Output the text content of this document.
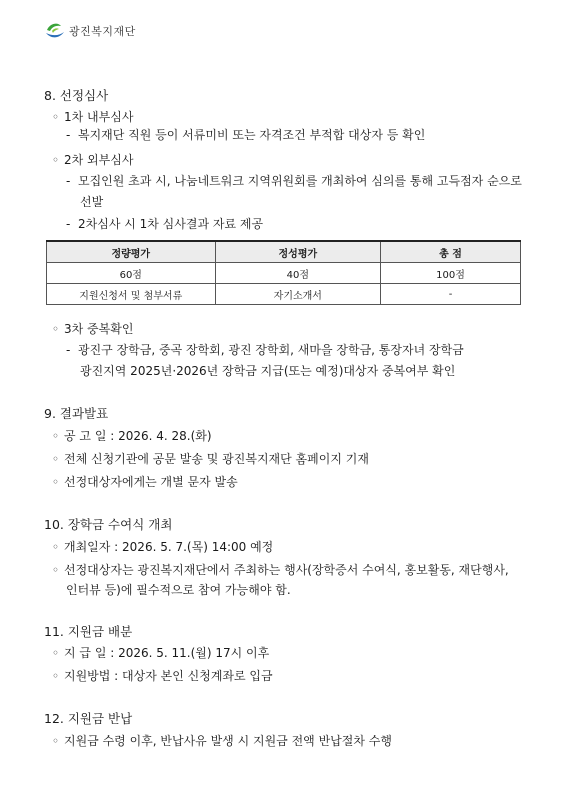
광진복지재단
8. 선정심사
◦ 1차 내부심사
- 복지재단 직원 등이 서류미비 또는 자격조건 부적합 대상자 등 확인
◦ 2차 외부심사
- 모집인원 초과 시, 나눔네트워크 지역위원회를 개최하여 심의를 통해 고득점자 순으로
선발
- 2차심사 시 1차 심사결과 자료 제공
정량평가	정성평가	총 점
60점	40점	100점
지원신청서 및 첨부서류	자기소개서	-
◦ 3차 중복확인
- 광진구 장학금, 중곡 장학회, 광진 장학회, 새마을 장학금, 통장자녀 장학금
광진지역 2025년·2026년 장학금 지급(또는 예정)대상자 중복여부 확인
9. 결과발표
◦ 공 고 일 : 2026. 4. 28.(화)
◦ 전체 신청기관에 공문 발송 및 광진복지재단 홈페이지 기재
◦ 선정대상자에게는 개별 문자 발송
10. 장학금 수여식 개최
◦ 개최일자 : 2026. 5. 7.(목) 14:00 예정
◦ 선정대상자는 광진복지재단에서 주최하는 행사(장학증서 수여식, 홍보활동, 재단행사,
인터뷰 등)에 필수적으로 참여 가능해야 함.
11. 지원금 배분
◦ 지 급 일 : 2026. 5. 11.(월) 17시 이후
◦ 지원방법 : 대상자 본인 신청계좌로 입금
12. 지원금 반납
◦ 지원금 수령 이후, 반납사유 발생 시 지원금 전액 반납절차 수행
